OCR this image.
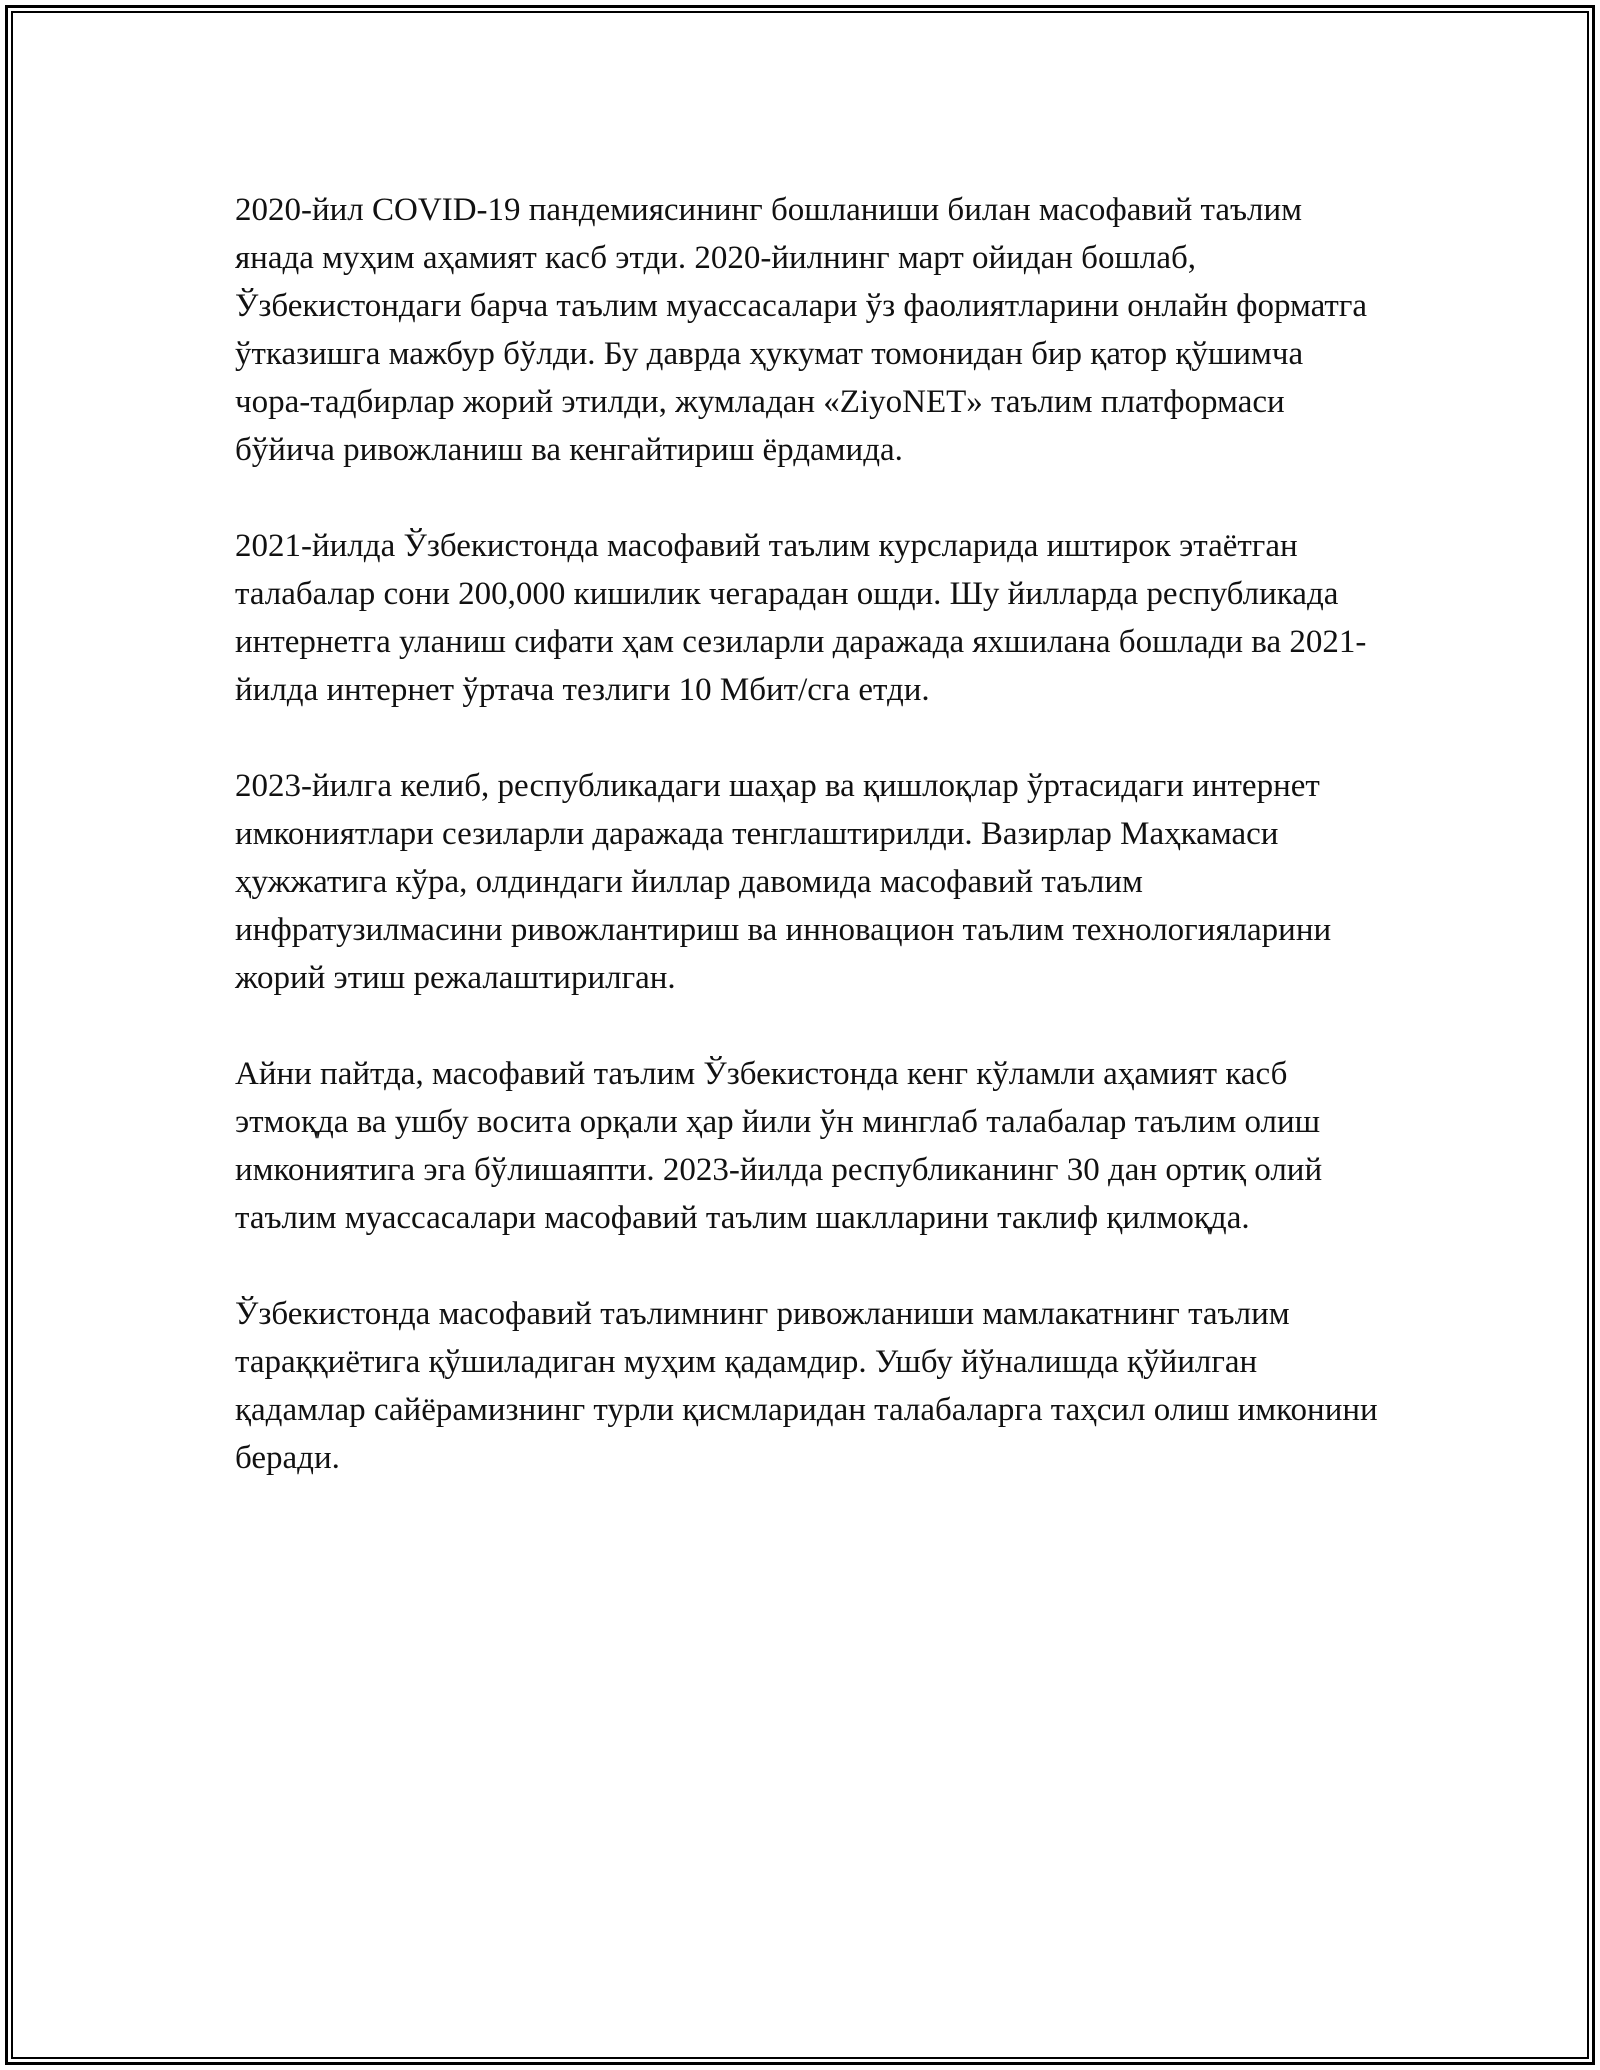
2020-йил COVID-19 пандемиясининг бошланиши билан масофавий таълим янада муҳим аҳамият касб этди. 2020-йилнинг март ойидан бошлаб, Ўзбекистондаги барча таълим муассасалари ўз фаолиятларини онлайн форматга ўтказишга мажбур бўлди. Бу даврда ҳукумат томонидан бир қатор қўшимча чора-тадбирлар жорий этилди, жумладан «ZiyoNET» таълим платформаси бўйича ривожланиш ва кенгайтириш ёрдамида.

2021-йилда Ўзбекистонда масофавий таълим курсларида иштирок этаётган талабалар сони 200,000 кишилик чегарадан ошди. Шу йилларда республикада интернетга уланиш сифати ҳам сезиларли даражада яхшилана бошлади ва 2021-йилда интернет ўртача тезлиги 10 Мбит/сга етди.

2023-йилга келиб, республикадаги шаҳар ва қишлоқлар ўртасидаги интернет имкониятлари сезиларли даражада тенглаштирилди. Вазирлар Маҳкамаси ҳужжатига кўра, олдиндаги йиллар давомида масофавий таълим инфратузилмасини ривожлантириш ва инновацион таълим технологияларини жорий этиш режалаштирилган.

Айни пайтда, масофавий таълим Ўзбекистонда кенг кўламли аҳамият касб этмоқда ва ушбу восита орқали ҳар йили ўн минглаб талабалар таълим олиш имкониятига эга бўлишаяпти. 2023-йилда республиканинг 30 дан ортиқ олий таълим муассасалари масофавий таълим шаклларини таклиф қилмоқда.

Ўзбекистонда масофавий таълимнинг ривожланиши мамлакатнинг таълим тараққиётига қўшиладиган муҳим қадамдир. Ушбу йўналишда қўйилган қадамлар сайёрамизнинг турли қисмларидан талабаларга таҳсил олиш имконини беради.
